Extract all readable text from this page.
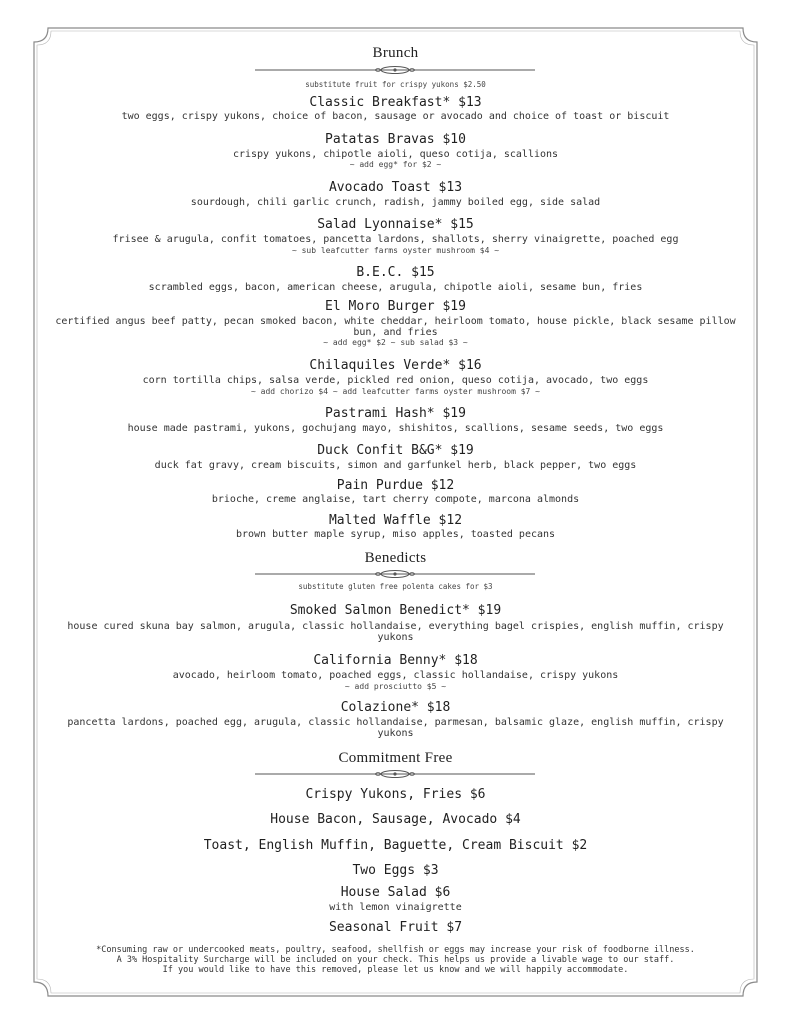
Brunch
substitute fruit for crispy yukons $2.50
Classic Breakfast* $13
two eggs, crispy yukons, choice of bacon, sausage or avocado and choice of toast or biscuit
Patatas Bravas $10
crispy yukons, chipotle aioli, queso cotija, scallions
~ add egg* for $2 ~
Avocado Toast $13
sourdough, chili garlic crunch, radish, jammy boiled egg, side salad
Salad Lyonnaise* $15
frisee & arugula, confit tomatoes, pancetta lardons, shallots, sherry vinaigrette, poached egg
~ sub leafcutter farms oyster mushroom $4 ~
B.E.C. $15
scrambled eggs, bacon, american cheese, arugula, chipotle aioli, sesame bun, fries
El Moro Burger $19
certified angus beef patty, pecan smoked bacon, white cheddar, heirloom tomato, house pickle, black sesame pillow
bun, and fries
~ add egg* $2 ~ sub salad $3 ~
Chilaquiles Verde* $16
corn tortilla chips, salsa verde, pickled red onion, queso cotija, avocado, two eggs
~ add chorizo $4 ~ add leafcutter farms oyster mushroom $7 ~
Pastrami Hash* $19
house made pastrami, yukons, gochujang mayo, shishitos, scallions, sesame seeds, two eggs
Duck Confit B&G* $19
duck fat gravy, cream biscuits, simon and garfunkel herb, black pepper, two eggs
Pain Purdue $12
brioche, creme anglaise, tart cherry compote, marcona almonds
Malted Waffle $12
brown butter maple syrup, miso apples, toasted pecans
Benedicts
substitute gluten free polenta cakes for $3
Smoked Salmon Benedict* $19
house cured skuna bay salmon, arugula, classic hollandaise, everything bagel crispies, english muffin, crispy
yukons
California Benny* $18
avocado, heirloom tomato, poached eggs, classic hollandaise, crispy yukons
~ add prosciutto $5 ~
Colazione* $18
pancetta lardons, poached egg, arugula, classic hollandaise, parmesan, balsamic glaze, english muffin, crispy
yukons
Commitment Free
Crispy Yukons, Fries $6
House Bacon, Sausage, Avocado $4
Toast, English Muffin, Baguette, Cream Biscuit $2
Two Eggs $3
House Salad $6
with lemon vinaigrette
Seasonal Fruit $7
*Consuming raw or undercooked meats, poultry, seafood, shellfish or eggs may increase your risk of foodborne illness.
A 3% Hospitality Surcharge will be included on your check. This helps us provide a livable wage to our staff.
If you would like to have this removed, please let us know and we will happily accommodate.
